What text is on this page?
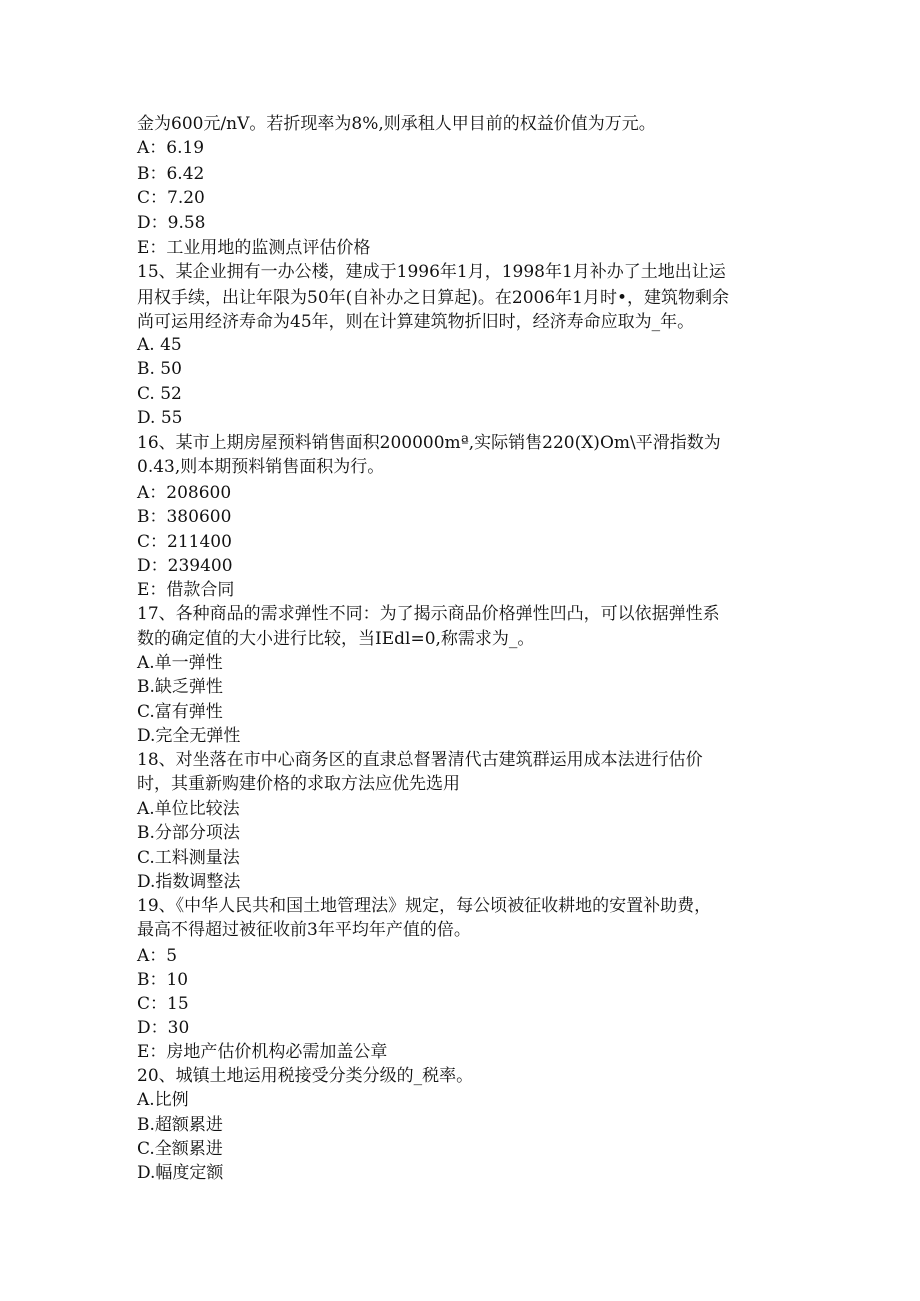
金为600元/nV。若折现率为8%,则承租人甲目前的权益价值为万元。
A：6.19
B：6.42
C：7.20
D：9.58
E：工业用地的监测点评估价格
15、某企业拥有一办公楼，建成于1996年1月，1998年1月补办了土地出让运
用权手续，出让年限为50年(自补办之日算起)。在2006年1月时•，建筑物剩余
尚可运用经济寿命为45年，则在计算建筑物折旧时，经济寿命应取为_年。
A. 45
B. 50
C. 52
D. 55
16、某市上期房屋预料销售面积200000mª,实际销售220(X)Om\平滑指数为
0.43,则本期预料销售面积为行。
A：208600
B：380600
C：211400
D：239400
E：借款合同
17、各种商品的需求弹性不同：为了揭示商品价格弹性凹凸，可以依据弹性系
数的确定值的大小进行比较，当IEdl=0,称需求为_。
A.单一弹性
B.缺乏弹性
C.富有弹性
D.完全无弹性
18、对坐落在市中心商务区的直隶总督署清代古建筑群运用成本法进行估价
时，其重新购建价格的求取方法应优先选用
A.单位比较法
B.分部分项法
C.工料测量法
D.指数调整法
19、《中华人民共和国土地管理法》规定，每公顷被征收耕地的安置补助费，
最高不得超过被征收前3年平均年产值的倍。
A：5
B：10
C：15
D：30
E：房地产估价机构必需加盖公章
20、城镇土地运用税接受分类分级的_税率。
A.比例
B.超额累进
C.全额累进
D.幅度定额
